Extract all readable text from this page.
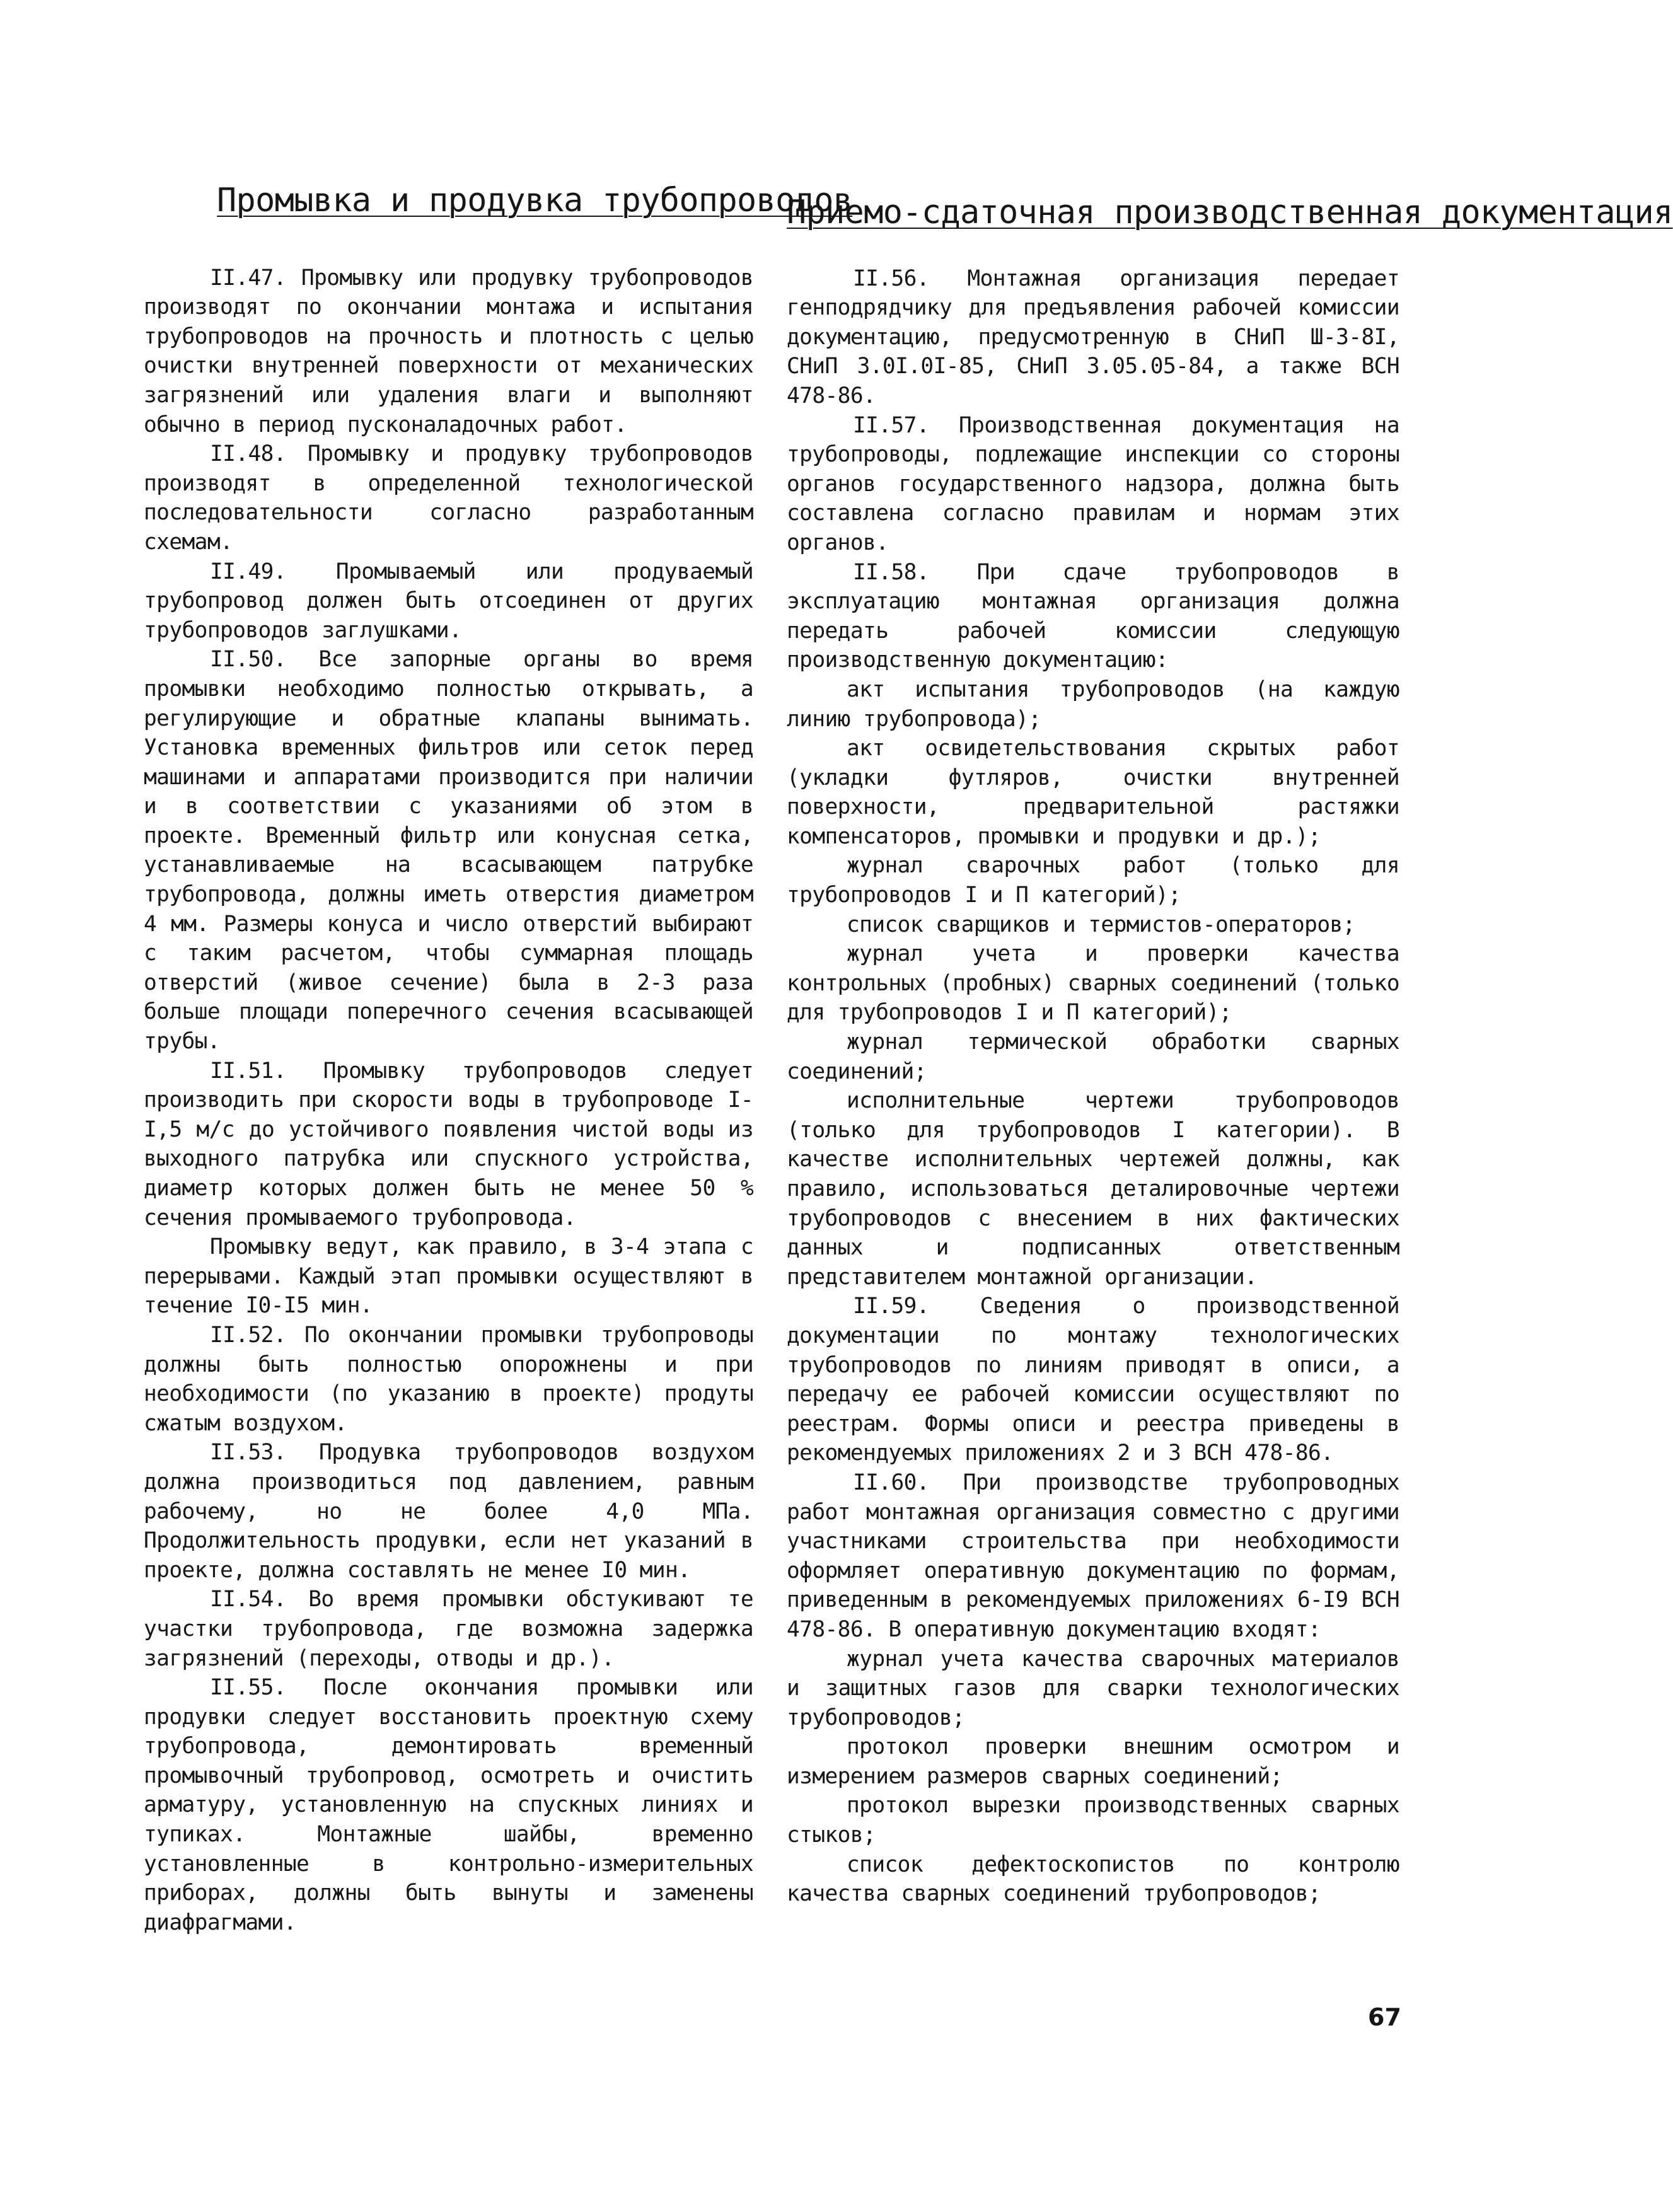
Промывка и продувка трубопроводов

II.47. Промывку или продувку трубопроводов производят по окончании монтажа и испытания трубопроводов на прочность и плотность с целью очистки внутренней поверхности от механических загрязнений или удаления влаги и выполняют обычно в период пусконаладочных работ.

II.48. Промывку и продувку трубопроводов производят в определенной технологической последовательности согласно разработанным схемам.

II.49. Промываемый или продуваемый трубопровод должен быть отсоединен от других трубопроводов заглушками.

II.50. Все запорные органы во время промывки необходимо полностью открывать, а регулирующие и обратные клапаны вынимать. Установка временных фильтров или сеток перед машинами и аппаратами производится при наличии и в соответствии с указаниями об этом в проекте. Временный фильтр или конусная сетка, устанавливаемые на всасывающем патрубке трубопровода, должны иметь отверстия диаметром 4 мм. Размеры конуса и число отверстий выбирают с таким расчетом, чтобы суммарная площадь отверстий (живое сечение) была в 2-3 раза больше площади поперечного сечения всасывающей трубы.

II.51. Промывку трубопроводов следует производить при скорости воды в трубопроводе I-I,5 м/с до устойчивого появления чистой воды из выходного патрубка или спускного устройства, диаметр которых должен быть не менее 50 % сечения промываемого трубопровода.

Промывку ведут, как правило, в 3-4 этапа с перерывами. Каждый этап промывки осуществляют в течение I0-I5 мин.

II.52. По окончании промывки трубопроводы должны быть полностью опорожнены и при необходимости (по указанию в проекте) продуты сжатым воздухом.

II.53. Продувка трубопроводов воздухом должна производиться под давлением, равным рабочему, но не более 4,0 МПа. Продолжительность продувки, если нет указаний в проекте, должна составлять не менее I0 мин.

II.54. Во время промывки обстукивают те участки трубопровода, где возможна задержка загрязнений (переходы, отводы и др.).

II.55. После окончания промывки или продувки следует восстановить проектную схему трубопровода, демонтировать временный промывочный трубопровод, осмотреть и очистить арматуру, установленную на спускных линиях и тупиках. Монтажные шайбы, временно установленные в контрольно-измерительных приборах, должны быть вынуты и заменены диафрагмами.

Приемо-сдаточная производственная документация

II.56. Монтажная организация передает генподрядчику для предъявления рабочей комиссии документацию, предусмотренную в СНиП Ш-3-8I, СНиП 3.0I.0I-85, СНиП 3.05.05-84, а также ВСН 478-86.

II.57. Производственная документация на трубопроводы, подлежащие инспекции со стороны органов государственного надзора, должна быть составлена согласно правилам и нормам этих органов.

II.58. При сдаче трубопроводов в эксплуатацию монтажная организация должна передать рабочей комиссии следующую производственную документацию:

акт испытания трубопроводов (на каждую линию трубопровода);

акт освидетельствования скрытых работ (укладки футляров, очистки внутренней поверхности, предварительной растяжки компенсаторов, промывки и продувки и др.);

журнал сварочных работ (только для трубопроводов I и П категорий);

список сварщиков и термистов-операторов;

журнал учета и проверки качества контрольных (пробных) сварных соединений (только для трубопроводов I и П категорий);

журнал термической обработки сварных соединений;

исполнительные чертежи трубопроводов (только для трубопроводов I категории). В качестве исполнительных чертежей должны, как правило, использоваться деталировочные чертежи трубопроводов с внесением в них фактических данных и подписанных ответственным представителем монтажной организации.

II.59. Сведения о производственной документации по монтажу технологических трубопроводов по линиям приводят в описи, а передачу ее рабочей комиссии осуществляют по реестрам. Формы описи и реестра приведены в рекомендуемых приложениях 2 и 3 ВСН 478-86.

II.60. При производстве трубопроводных работ монтажная организация совместно с другими участниками строительства при необходимости оформляет оперативную документацию по формам, приведенным в рекомендуемых приложениях 6-I9 ВСН 478-86. В оперативную документацию входят:

журнал учета качества сварочных материалов и защитных газов для сварки технологических трубопроводов;

протокол проверки внешним осмотром и измерением размеров сварных соединений;

протокол вырезки производственных сварных стыков;

список дефектоскопистов по контролю качества сварных соединений трубопроводов;

67
